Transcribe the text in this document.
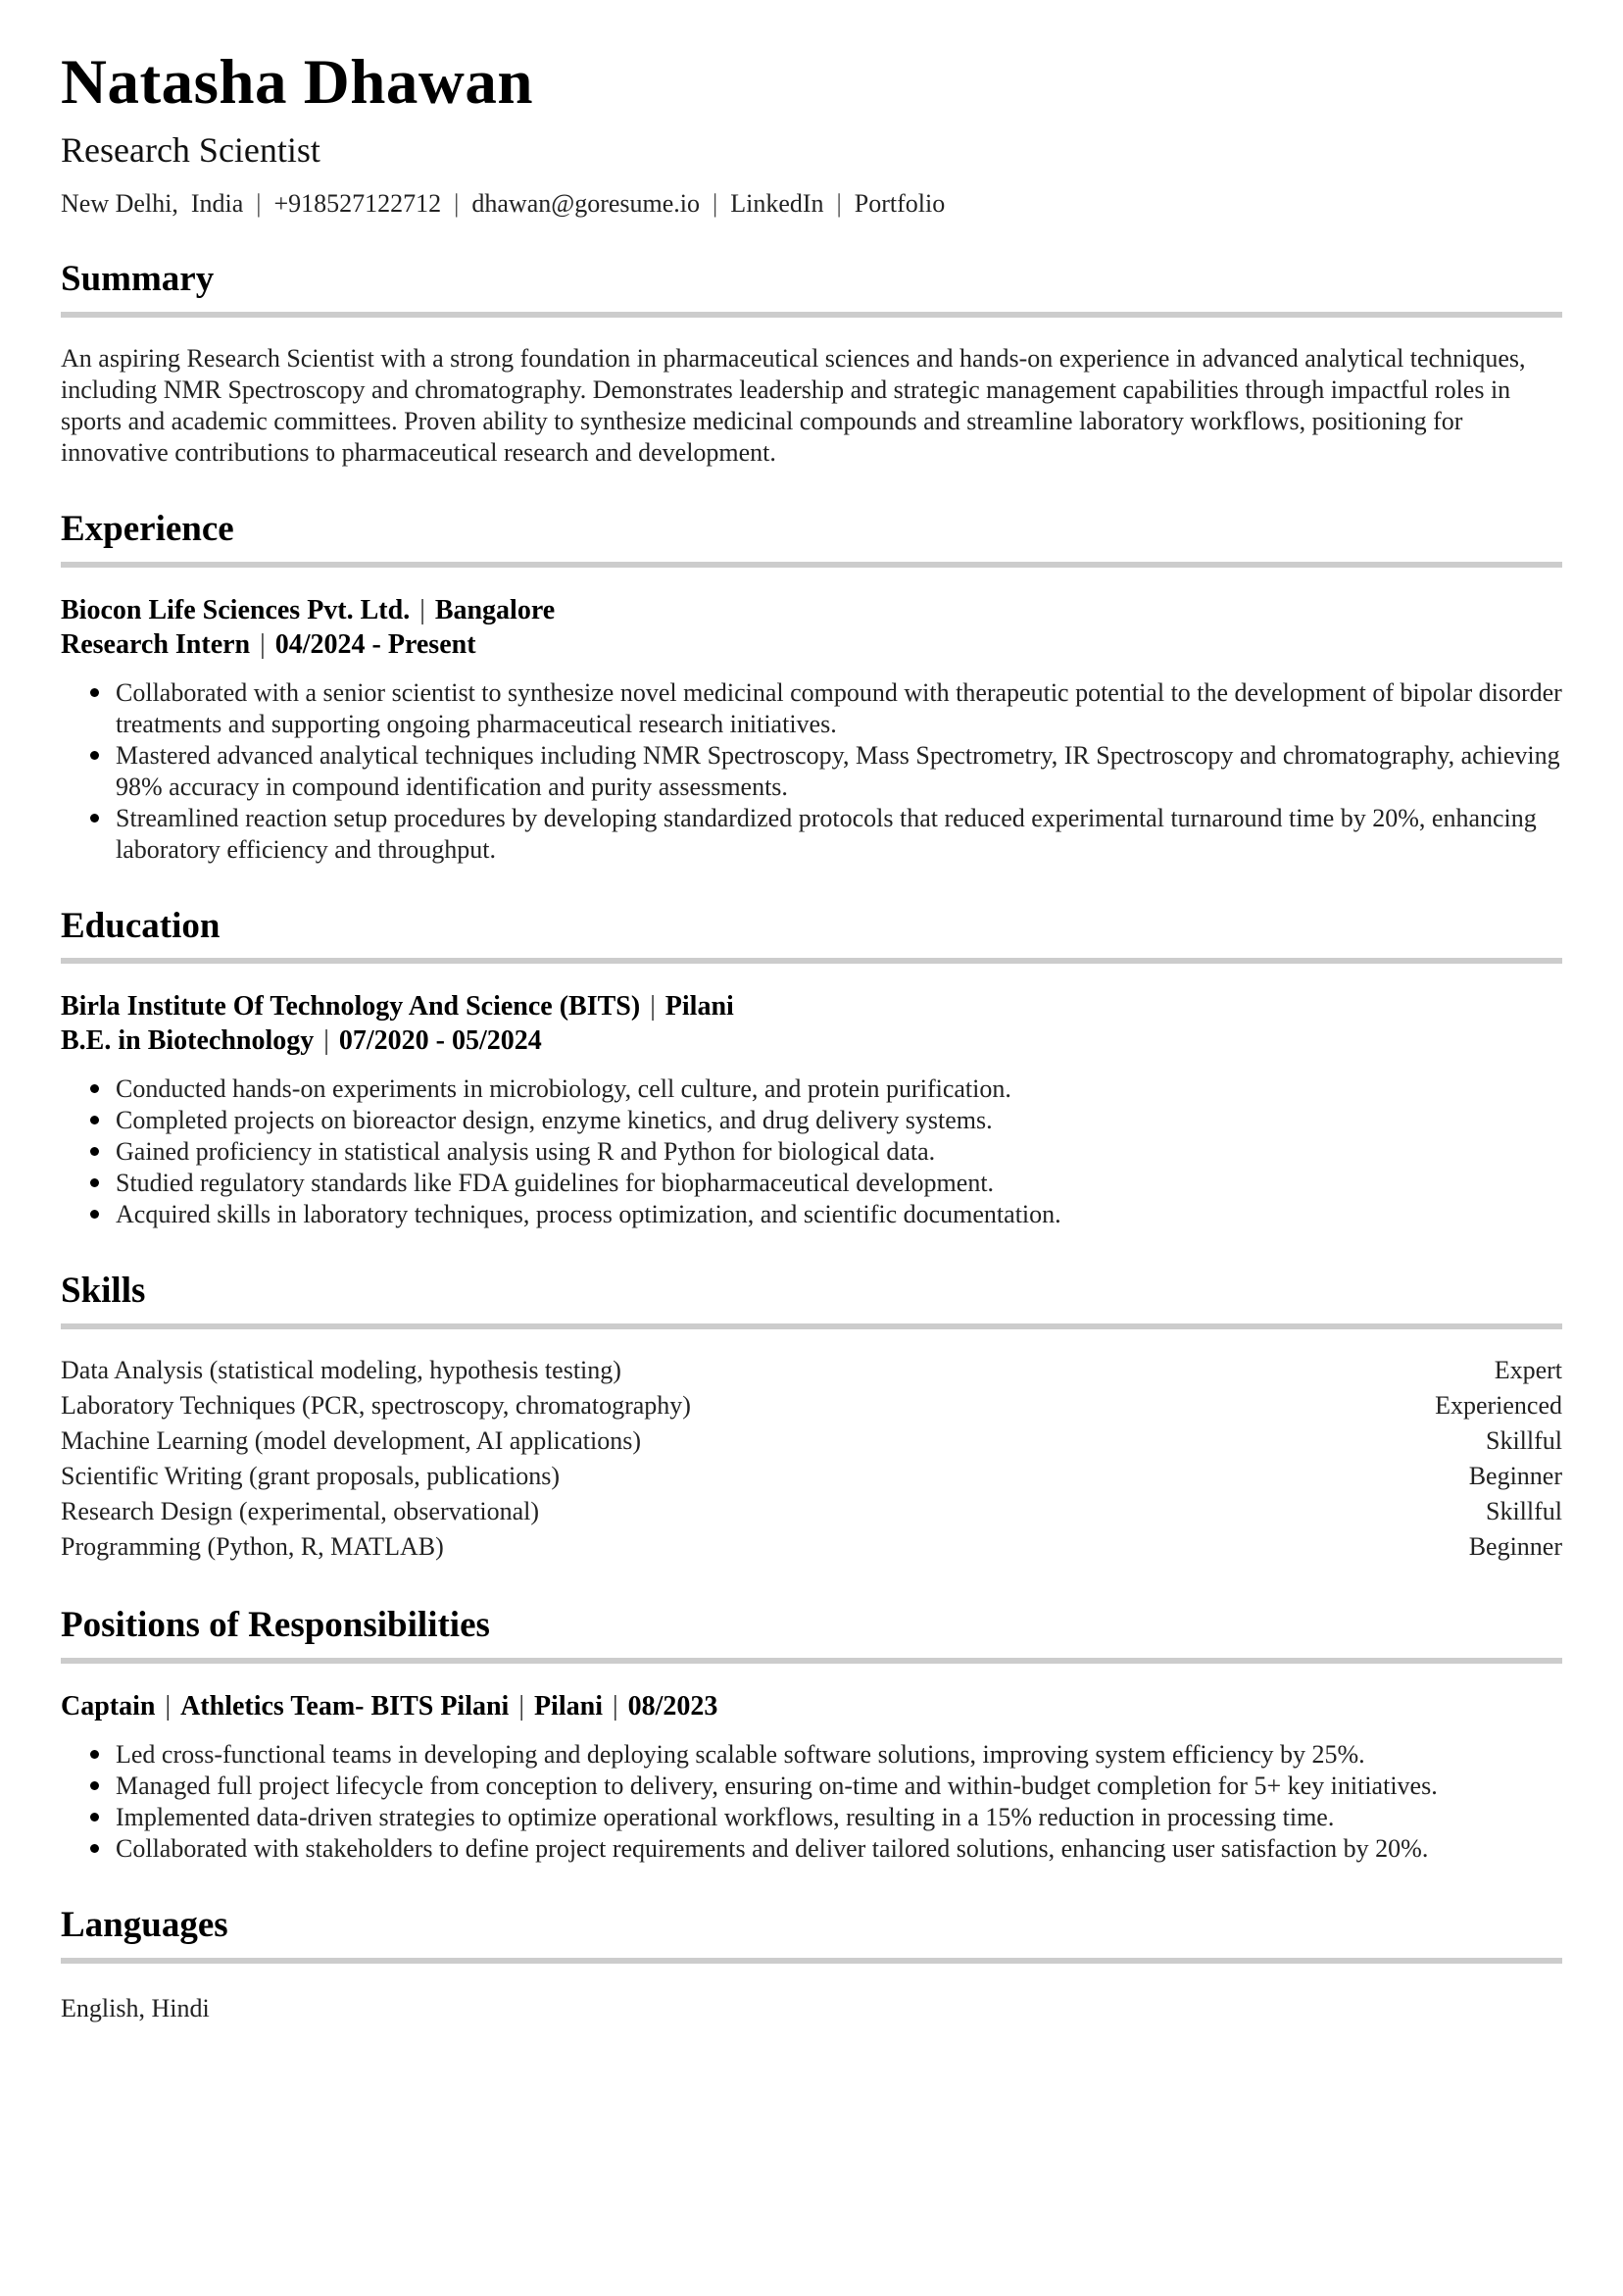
Natasha Dhawan
Research Scientist
New Delhi,  India | +918527122712 | dhawan@goresume.io | LinkedIn | Portfolio
Summary

An aspiring Research Scientist with a strong foundation in pharmaceutical sciences and hands-on experience in advanced analytical techniques, including NMR Spectroscopy and chromatography. Demonstrates leadership and strategic management capabilities through impactful roles in sports and academic committees. Proven ability to synthesize medicinal compounds and streamline laboratory workflows, positioning for innovative contributions to pharmaceutical research and development.

Experience
Biocon Life Sciences Pvt. Ltd. | Bangalore
Research Intern | 04/2024 - Present
Collaborated with a senior scientist to synthesize novel medicinal compound with therapeutic potential to the development of bipolar disorder treatments and supporting ongoing pharmaceutical research initiatives.
Mastered advanced analytical techniques including NMR Spectroscopy, Mass Spectrometry, IR Spectroscopy and chromatography, achieving 98% accuracy in compound identification and purity assessments.
Streamlined reaction setup procedures by developing standardized protocols that reduced experimental turnaround time by 20%, enhancing laboratory efficiency and throughput.
Education
Birla Institute Of Technology And Science (BITS) | Pilani
B.E. in Biotechnology | 07/2020 - 05/2024
Conducted hands-on experiments in microbiology, cell culture, and protein purification.
Completed projects on bioreactor design, enzyme kinetics, and drug delivery systems.
Gained proficiency in statistical analysis using R and Python for biological data.
Studied regulatory standards like FDA guidelines for biopharmaceutical development.
Acquired skills in laboratory techniques, process optimization, and scientific documentation.
Skills
Data Analysis (statistical modeling, hypothesis testing)	Expert
Laboratory Techniques (PCR, spectroscopy, chromatography)	Experienced
Machine Learning (model development, AI applications)	Skillful
Scientific Writing (grant proposals, publications)	Beginner
Research Design (experimental, observational)	Skillful
Programming (Python, R, MATLAB)	Beginner
Positions of Responsibilities
Captain | Athletics Team- BITS Pilani | Pilani | 08/2023
Led cross-functional teams in developing and deploying scalable software solutions, improving system efficiency by 25%.
Managed full project lifecycle from conception to delivery, ensuring on-time and within-budget completion for 5+ key initiatives.
Implemented data-driven strategies to optimize operational workflows, resulting in a 15% reduction in processing time.
Collaborated with stakeholders to define project requirements and deliver tailored solutions, enhancing user satisfaction by 20%.
Languages
English, Hindi
